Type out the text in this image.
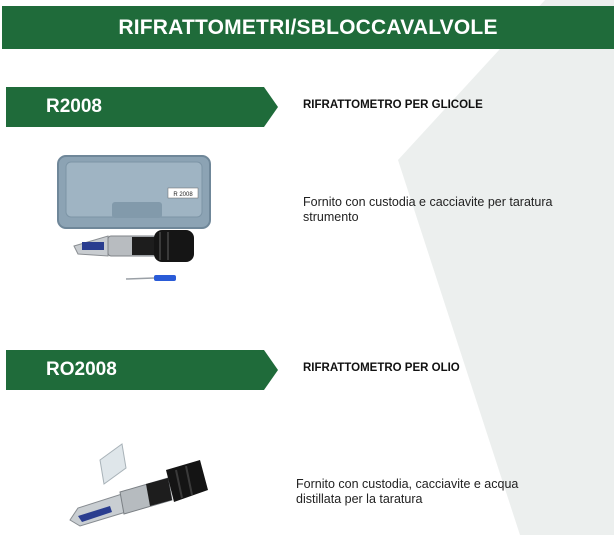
RIFRATTOMETRI/SBLOCCAVALVOLE
R2008	RIFRATTOMETRO PER GLICOLE
R 2008	Fornito con custodia e cacciavite per taratura strumento
RO2008	RIFRATTOMETRO PER OLIO
Fornito con custodia, cacciavite e acqua distillata per la taratura
